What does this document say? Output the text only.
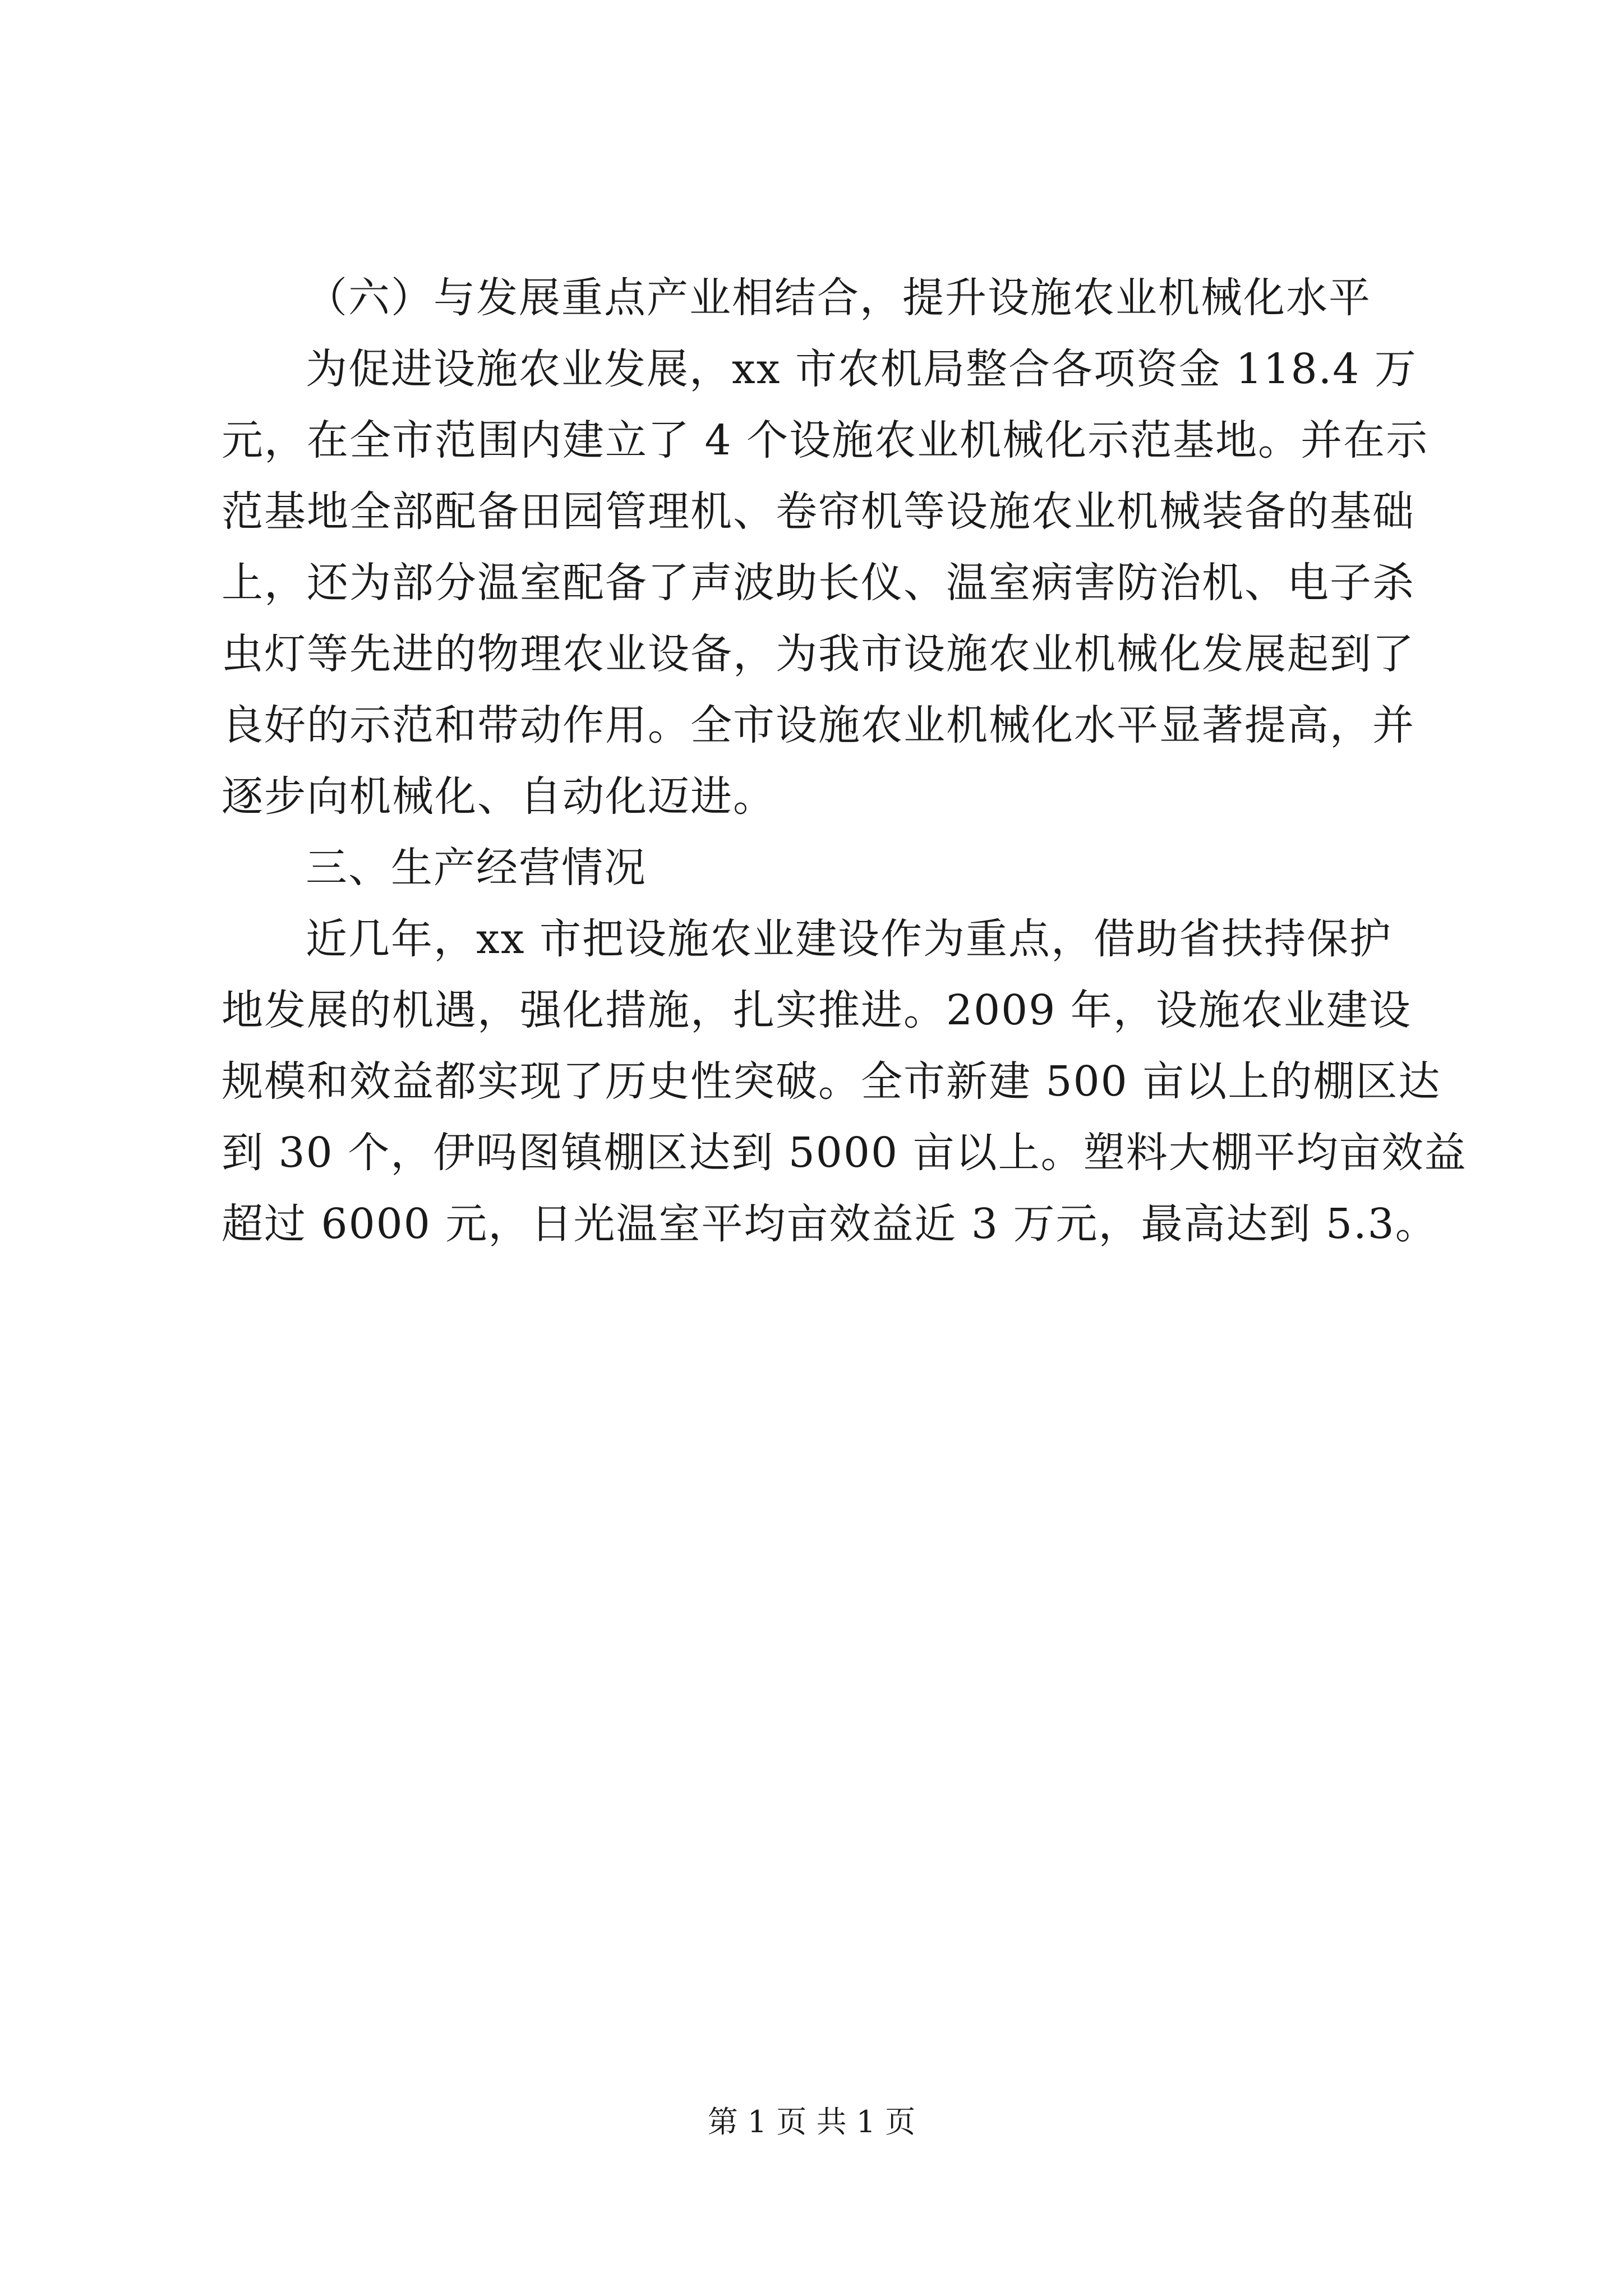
（六）与发展重点产业相结合，提升设施农业机械化水平
为促进设施农业发展，xx 市农机局整合各项资金 118.4 万
元，在全市范围内建立了 4 个设施农业机械化示范基地。并在示
范基地全部配备田园管理机、卷帘机等设施农业机械装备的基础
上，还为部分温室配备了声波助长仪、温室病害防治机、电子杀
虫灯等先进的物理农业设备，为我市设施农业机械化发展起到了
良好的示范和带动作用。全市设施农业机械化水平显著提高，并
逐步向机械化、自动化迈进。
三、生产经营情况
近几年，xx 市把设施农业建设作为重点，借助省扶持保护
地发展的机遇，强化措施，扎实推进。2009 年，设施农业建设
规模和效益都实现了历史性突破。全市新建 500 亩以上的棚区达
到 30 个，伊吗图镇棚区达到 5000 亩以上。塑料大棚平均亩效益
超过 6000 元，日光温室平均亩效益近 3 万元，最高达到 5.3。
第 1 页 共 1 页
